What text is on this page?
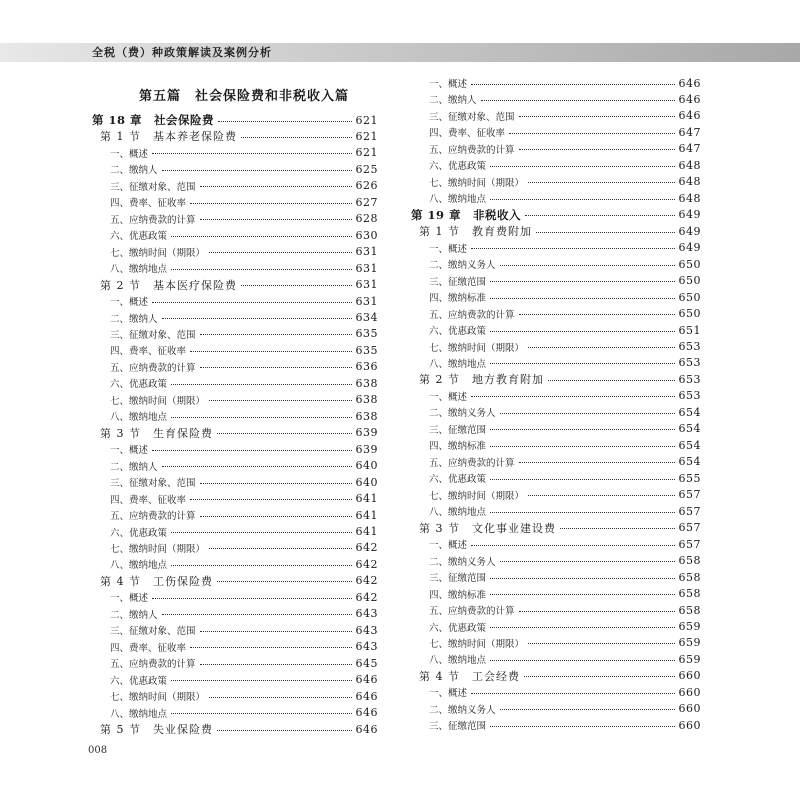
全税（费）种政策解读及案例分析
第五篇　社会保险费和非税收入篇
第 18 章　社会保险费	621
第 1 节　基本养老保险费	621
一、概述	621
二、缴纳人	625
三、征缴对象、范围	626
四、费率、征收率	627
五、应纳费款的计算	628
六、优惠政策	630
七、缴纳时间（期限）	631
八、缴纳地点	631
第 2 节　基本医疗保险费	631
一、概述	631
二、缴纳人	634
三、征缴对象、范围	635
四、费率、征收率	635
五、应纳费款的计算	636
六、优惠政策	638
七、缴纳时间（期限）	638
八、缴纳地点	638
第 3 节　生育保险费	639
一、概述	639
二、缴纳人	640
三、征缴对象、范围	640
四、费率、征收率	641
五、应纳费款的计算	641
六、优惠政策	641
七、缴纳时间（期限）	642
八、缴纳地点	642
第 4 节　工伤保险费	642
一、概述	642
二、缴纳人	643
三、征缴对象、范围	643
四、费率、征收率	643
五、应纳费款的计算	645
六、优惠政策	646
七、缴纳时间（期限）	646
八、缴纳地点	646
第 5 节　失业保险费	646
一、概述	646
二、缴纳人	646
三、征缴对象、范围	646
四、费率、征收率	647
五、应纳费款的计算	647
六、优惠政策	648
七、缴纳时间（期限）	648
八、缴纳地点	648
第 19 章　非税收入	649
第 1 节　教育费附加	649
一、概述	649
二、缴纳义务人	650
三、征缴范围	650
四、缴纳标准	650
五、应纳费款的计算	650
六、优惠政策	651
七、缴纳时间（期限）	653
八、缴纳地点	653
第 2 节　地方教育附加	653
一、概述	653
二、缴纳义务人	654
三、征缴范围	654
四、缴纳标准	654
五、应纳费款的计算	654
六、优惠政策	655
七、缴纳时间（期限）	657
八、缴纳地点	657
第 3 节　文化事业建设费	657
一、概述	657
二、缴纳义务人	658
三、征缴范围	658
四、缴纳标准	658
五、应纳费款的计算	658
六、优惠政策	659
七、缴纳时间（期限）	659
八、缴纳地点	659
第 4 节　工会经费	660
一、概述	660
二、缴纳义务人	660
三、征缴范围	660
008
